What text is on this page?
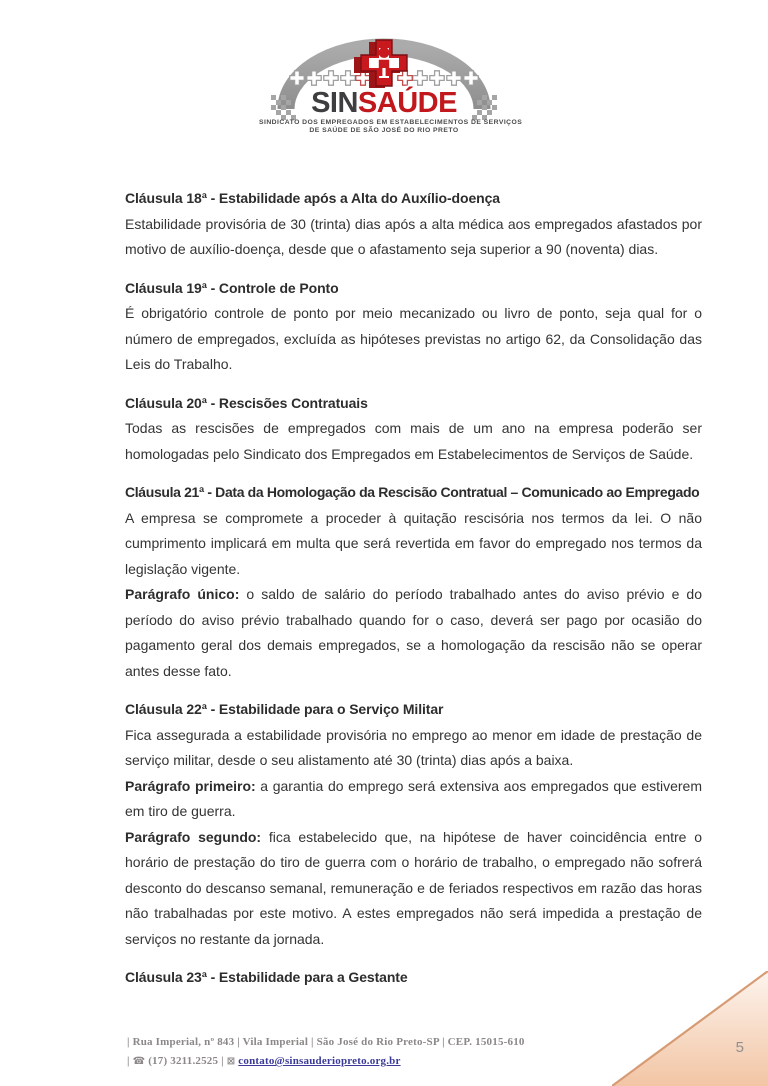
SINSAÚDE
SINDICATO DOS EMPREGADOS EM ESTABELECIMENTOS DE SERVIÇOS
DE SAÚDE DE SÃO JOSÉ DO RIO PRETO
Cláusula 18ª - Estabilidade após a Alta do Auxílio-doença

Estabilidade provisória de 30 (trinta) dias após a alta médica aos empregados afastados por motivo de auxílio-doença, desde que o afastamento seja superior a 90 (noventa) dias.

Cláusula 19ª - Controle de Ponto

É obrigatório controle de ponto por meio mecanizado ou livro de ponto, seja qual for o número de empregados, excluída as hipóteses previstas no artigo 62, da Consolidação das Leis do Trabalho.

Cláusula 20ª - Rescisões Contratuais

Todas as rescisões de empregados com mais de um ano na empresa poderão ser homologadas pelo Sindicato dos Empregados em Estabelecimentos de Serviços de Saúde.

Cláusula 21ª - Data da Homologação da Rescisão Contratual – Comunicado ao Empregado

A empresa se compromete a proceder à quitação rescisória nos termos da lei. O não cumprimento implicará em multa que será revertida em favor do empregado nos termos da legislação vigente.

Parágrafo único: o saldo de salário do período trabalhado antes do aviso prévio e do período do aviso prévio trabalhado quando for o caso, deverá ser pago por ocasião do pagamento geral dos demais empregados, se a homologação da rescisão não se operar antes desse fato.

Cláusula 22ª - Estabilidade para o Serviço Militar

Fica assegurada a estabilidade provisória no emprego ao menor em idade de prestação de serviço militar, desde o seu alistamento até 30 (trinta) dias após a baixa.

Parágrafo primeiro: a garantia do emprego será extensiva aos empregados que estiverem em tiro de guerra.

Parágrafo segundo: fica estabelecido que, na hipótese de haver coincidência entre o horário de prestação do tiro de guerra com o horário de trabalho, o empregado não sofrerá desconto do descanso semanal, remuneração e de feriados respectivos em razão das horas não trabalhadas por este motivo. A estes empregados não será impedida a prestação de serviços no restante da jornada.

Cláusula 23ª - Estabilidade para a Gestante
| Rua Imperial, nº 843 | Vila Imperial | São José do Rio Preto-SP | CEP. 15015-610
| ☎ (17) 3211.2525 | ⊠ contato@sinsauderiopreto.org.br
5
